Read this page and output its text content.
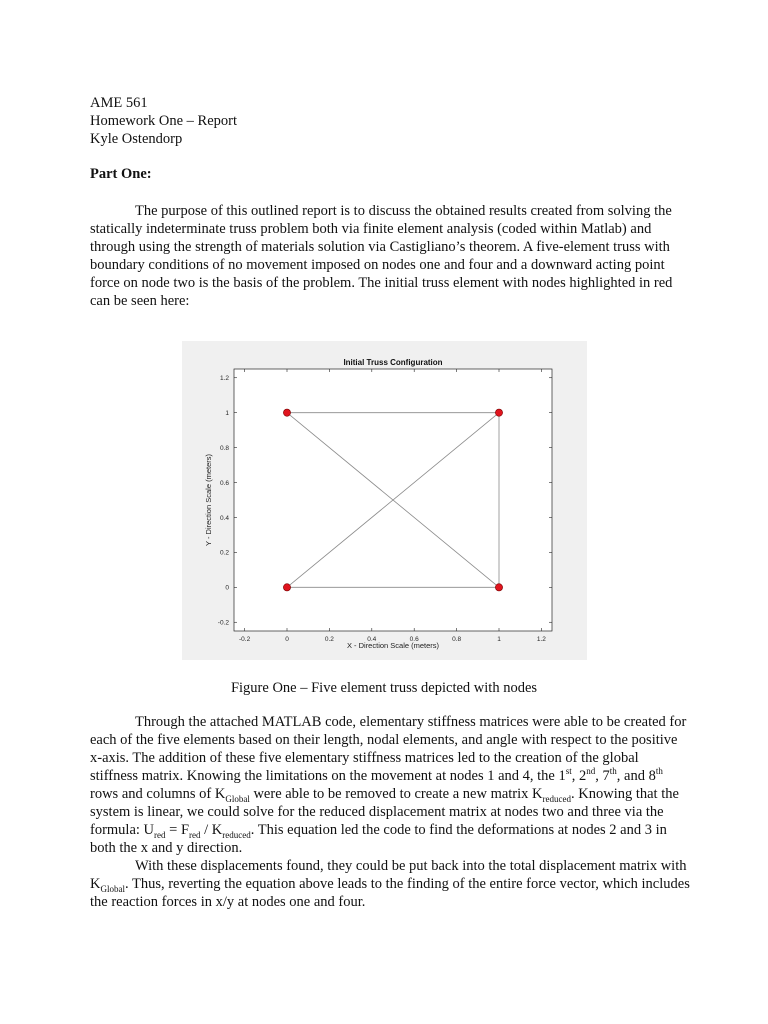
AME 561
Homework One – Report
Kyle Ostendorp
Part One:

The purpose of this outlined report is to discuss the obtained results created from solving the statically indeterminate truss problem both via finite element analysis (coded within Matlab) and through using the strength of materials solution via Castigliano’s theorem. A five-element truss with boundary conditions of no movement imposed on nodes one and four and a downward acting point force on node two is the basis of the problem. The initial truss element with nodes highlighted in red can be seen here:

Initial Truss Configuration
X - Direction Scale (meters)
Y - Direction Scale (meters)
-0.2	0	0.2	0.4	0.6	0.8	1	1.2
-0.2
0
0.2
0.4
0.6
0.8
1
1.2
Figure One – Five element truss depicted with nodes

Through the attached MATLAB code, elementary stiffness matrices were able to be created for each of the five elements based on their length, nodal elements, and angle with respect to the positive x-axis. The addition of these five elementary stiffness matrices led to the creation of the global stiffness matrix. Knowing the limitations on the movement at nodes 1 and 4, the 1st, 2nd, 7th, and 8th rows and columns of $K_{Global}$ were able to be removed to create a new matrix $K_{reduced}$. Knowing that the system is linear, we could solve for the reduced displacement matrix at nodes two and three via the formula: $U_{red} = F_{red} / K_{reduced}$. This equation led the code to find the deformations at nodes 2 and 3 in both the x and y direction.

With these displacements found, they could be put back into the total displacement matrix with $K_{Global}$. Thus, reverting the equation above leads to the finding of the entire force vector, which includes the reaction forces in x/y at nodes one and four.
